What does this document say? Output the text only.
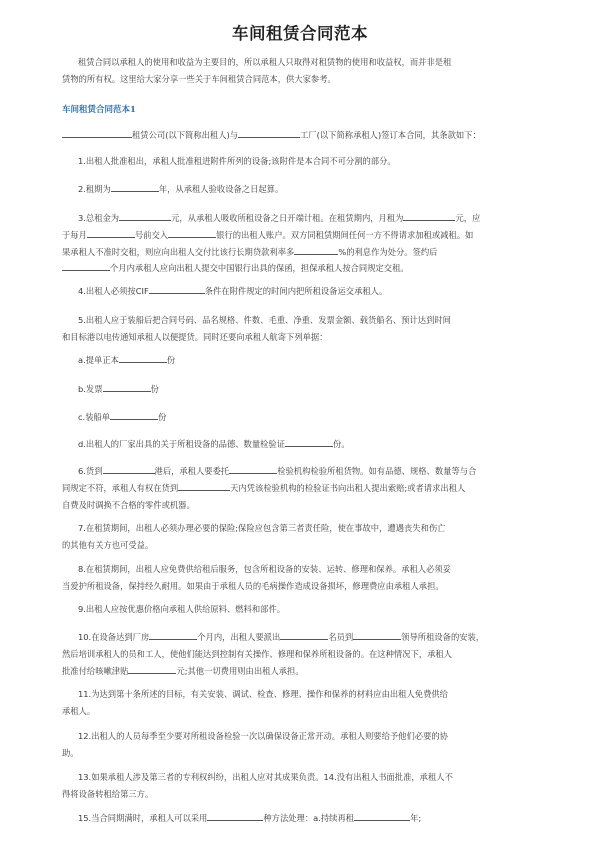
车间租赁合同范本

租赁合同以承租人的使用和收益为主要目的，所以承租人只取得对租赁物的使用和收益权，而并非是租

赁物的所有权。这里给大家分享一些关于车间租赁合同范本，供大家参考。

车间租赁合同范本1

租赁公司(以下简称出租人)与	工厂(以下简称承租人)签订本合同，其条款如下：

1.出租人批准租出，承租人批准租进附件所列的设备;该附件是本合同不可分割的部分。

2.租期为	年，从承租人验收设备之日起算。

3.总租金为	元，从承租人吸收所租设备之日开端计租。在租赁期内，月租为	元，应

于每月	号前交入	银行的出租人账户。双方同租赁期间任何一方不得请求加租或减租。如

果承租人不准时交租，则应向出租人交付比该行长期贷款利率多	%的利息作为处分。签约后

个月内承租人应向出租人提交中国银行出具的保函，担保承租人按合同规定交租。

4.出租人必须按CIF	条件在附件规定的时间内把所租设备运交承租人。

5.出租人应于装船后把合同号码、品名规格、件数、毛重、净重、发票金额、载货船名、预计达到时间

和目标港以电传通知承租人以便提货。同时还要向承租人航寄下列单据：

a.提单正本	份

b.发票	份

c.装船单	份

d.出租人的厂家出具的关于所租设备的品德、数量检验证	份。

6.货到	港后，承租人要委托	检验机构检验所租货物。如有品德、规格、数量等与合

同规定不符，承租人有权在货到	天内凭该检验机构的检验证书向出租人提出索赔;或者请求出租人

自费及时调换不合格的零件或机器。

7.在租赁期间，出租人必须办理必要的保险;保险应包含第三者责任险，使在事故中，遭遇丧失和伤亡

的其他有关方也可受益。

8.在租赁期间，出租人应免费供给租后服务，包含所租设备的安装、运转、修理和保养。承租人必须妥

当爱护所租设备，保持经久耐用。如果由于承租人员的毛病操作造成设备损坏，修理费应由承租人承担。

9.出租人应按优惠价格向承租人供给原料、燃料和部件。

10.在设备达到厂房	个月内，出租人要派出	名员到	领导所租设备的安装，

然后培训承租人的员和工人，使他们能达到控制有关操作、修理和保养所租设备的。在这种情况下，承租人

批准付给咳嗽津贴	元;其他一切费用则由出租人承担。

11.为达到第十条所述的目标，有关安装、调试、检查、修理、操作和保养的材料应由出租人免费供给

承租人。

12.出租人的人员每季至少要对所租设备检验一次以确保设备正常开动。承租人则要给予他们必要的协

助。

13.如果承租人涉及第三者的专利权纠纷，出租人应对其成果负责。14.没有出租人书面批准，承租人不

得将设备转租给第三方。

15.当合同期满时，承租人可以采用	种方法处理：a.持续再租	年;
